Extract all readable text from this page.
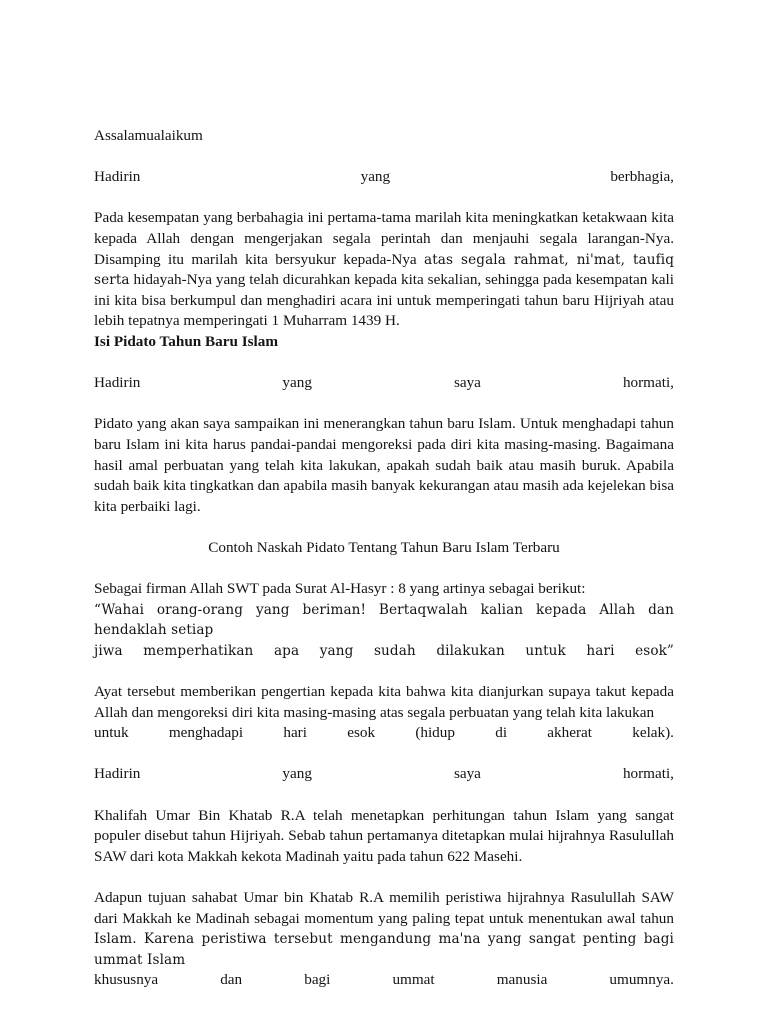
Assalamualaikum

Hadirin	yang	berbhagia,

Pada kesempatan yang berbahagia ini pertama-tama marilah kita meningkatkan ketakwaan kita kepada Allah dengan mengerjakan segala perintah dan menjauhi segala larangan-Nya. Disamping itu marilah kita bersyukur kepada-Nya atas segala rahmat, ni'mat, taufiq serta hidayah-Nya yang telah dicurahkan kepada kita sekalian, sehingga pada kesempatan kali ini kita bisa berkumpul dan menghadiri acara ini untuk memperingati tahun baru Hijriyah atau lebih tepatnya memperingati 1 Muharram 1439 H.

Isi Pidato Tahun Baru Islam

Hadirin	yang	saya	hormati,

Pidato yang akan saya sampaikan ini menerangkan tahun baru Islam. Untuk menghadapi tahun baru Islam ini kita harus pandai-pandai mengoreksi pada diri kita masing-masing. Bagaimana hasil amal perbuatan yang telah kita lakukan, apakah sudah baik atau masih buruk. Apabila sudah baik kita tingkatkan dan apabila masih banyak kekurangan atau masih ada kejelekan bisa kita perbaiki lagi.

Contoh Naskah Pidato Tentang Tahun Baru Islam Terbaru

Sebagai firman Allah SWT pada Surat Al-Hasyr : 8 yang artinya sebagai berikut:

“Wahai orang-orang yang beriman! Bertaqwalah kalian kepada Allah dan hendaklah setiap

jiwa memperhatikan apa yang sudah dilakukan untuk hari esok”

Ayat tersebut memberikan pengertian kepada kita bahwa kita dianjurkan supaya takut kepada Allah dan mengoreksi diri kita masing-masing atas segala perbuatan yang telah kita lakukan

untuk	menghadapi	hari	esok	(hidup	di	akherat	kelak).

Hadirin	yang	saya	hormati,

Khalifah Umar Bin Khatab R.A telah menetapkan perhitungan tahun Islam yang sangat populer disebut tahun Hijriyah. Sebab tahun pertamanya ditetapkan mulai hijrahnya Rasulullah SAW dari kota Makkah kekota Madinah yaitu pada tahun 622 Masehi.

Adapun tujuan sahabat Umar bin Khatab R.A memilih peristiwa hijrahnya Rasulullah SAW dari Makkah ke Madinah sebagai momentum yang paling tepat untuk menentukan awal tahun Islam. Karena peristiwa tersebut mengandung ma'na yang sangat penting bagi ummat Islam

khususnya	dan	bagi	ummat	manusia	umumnya.
